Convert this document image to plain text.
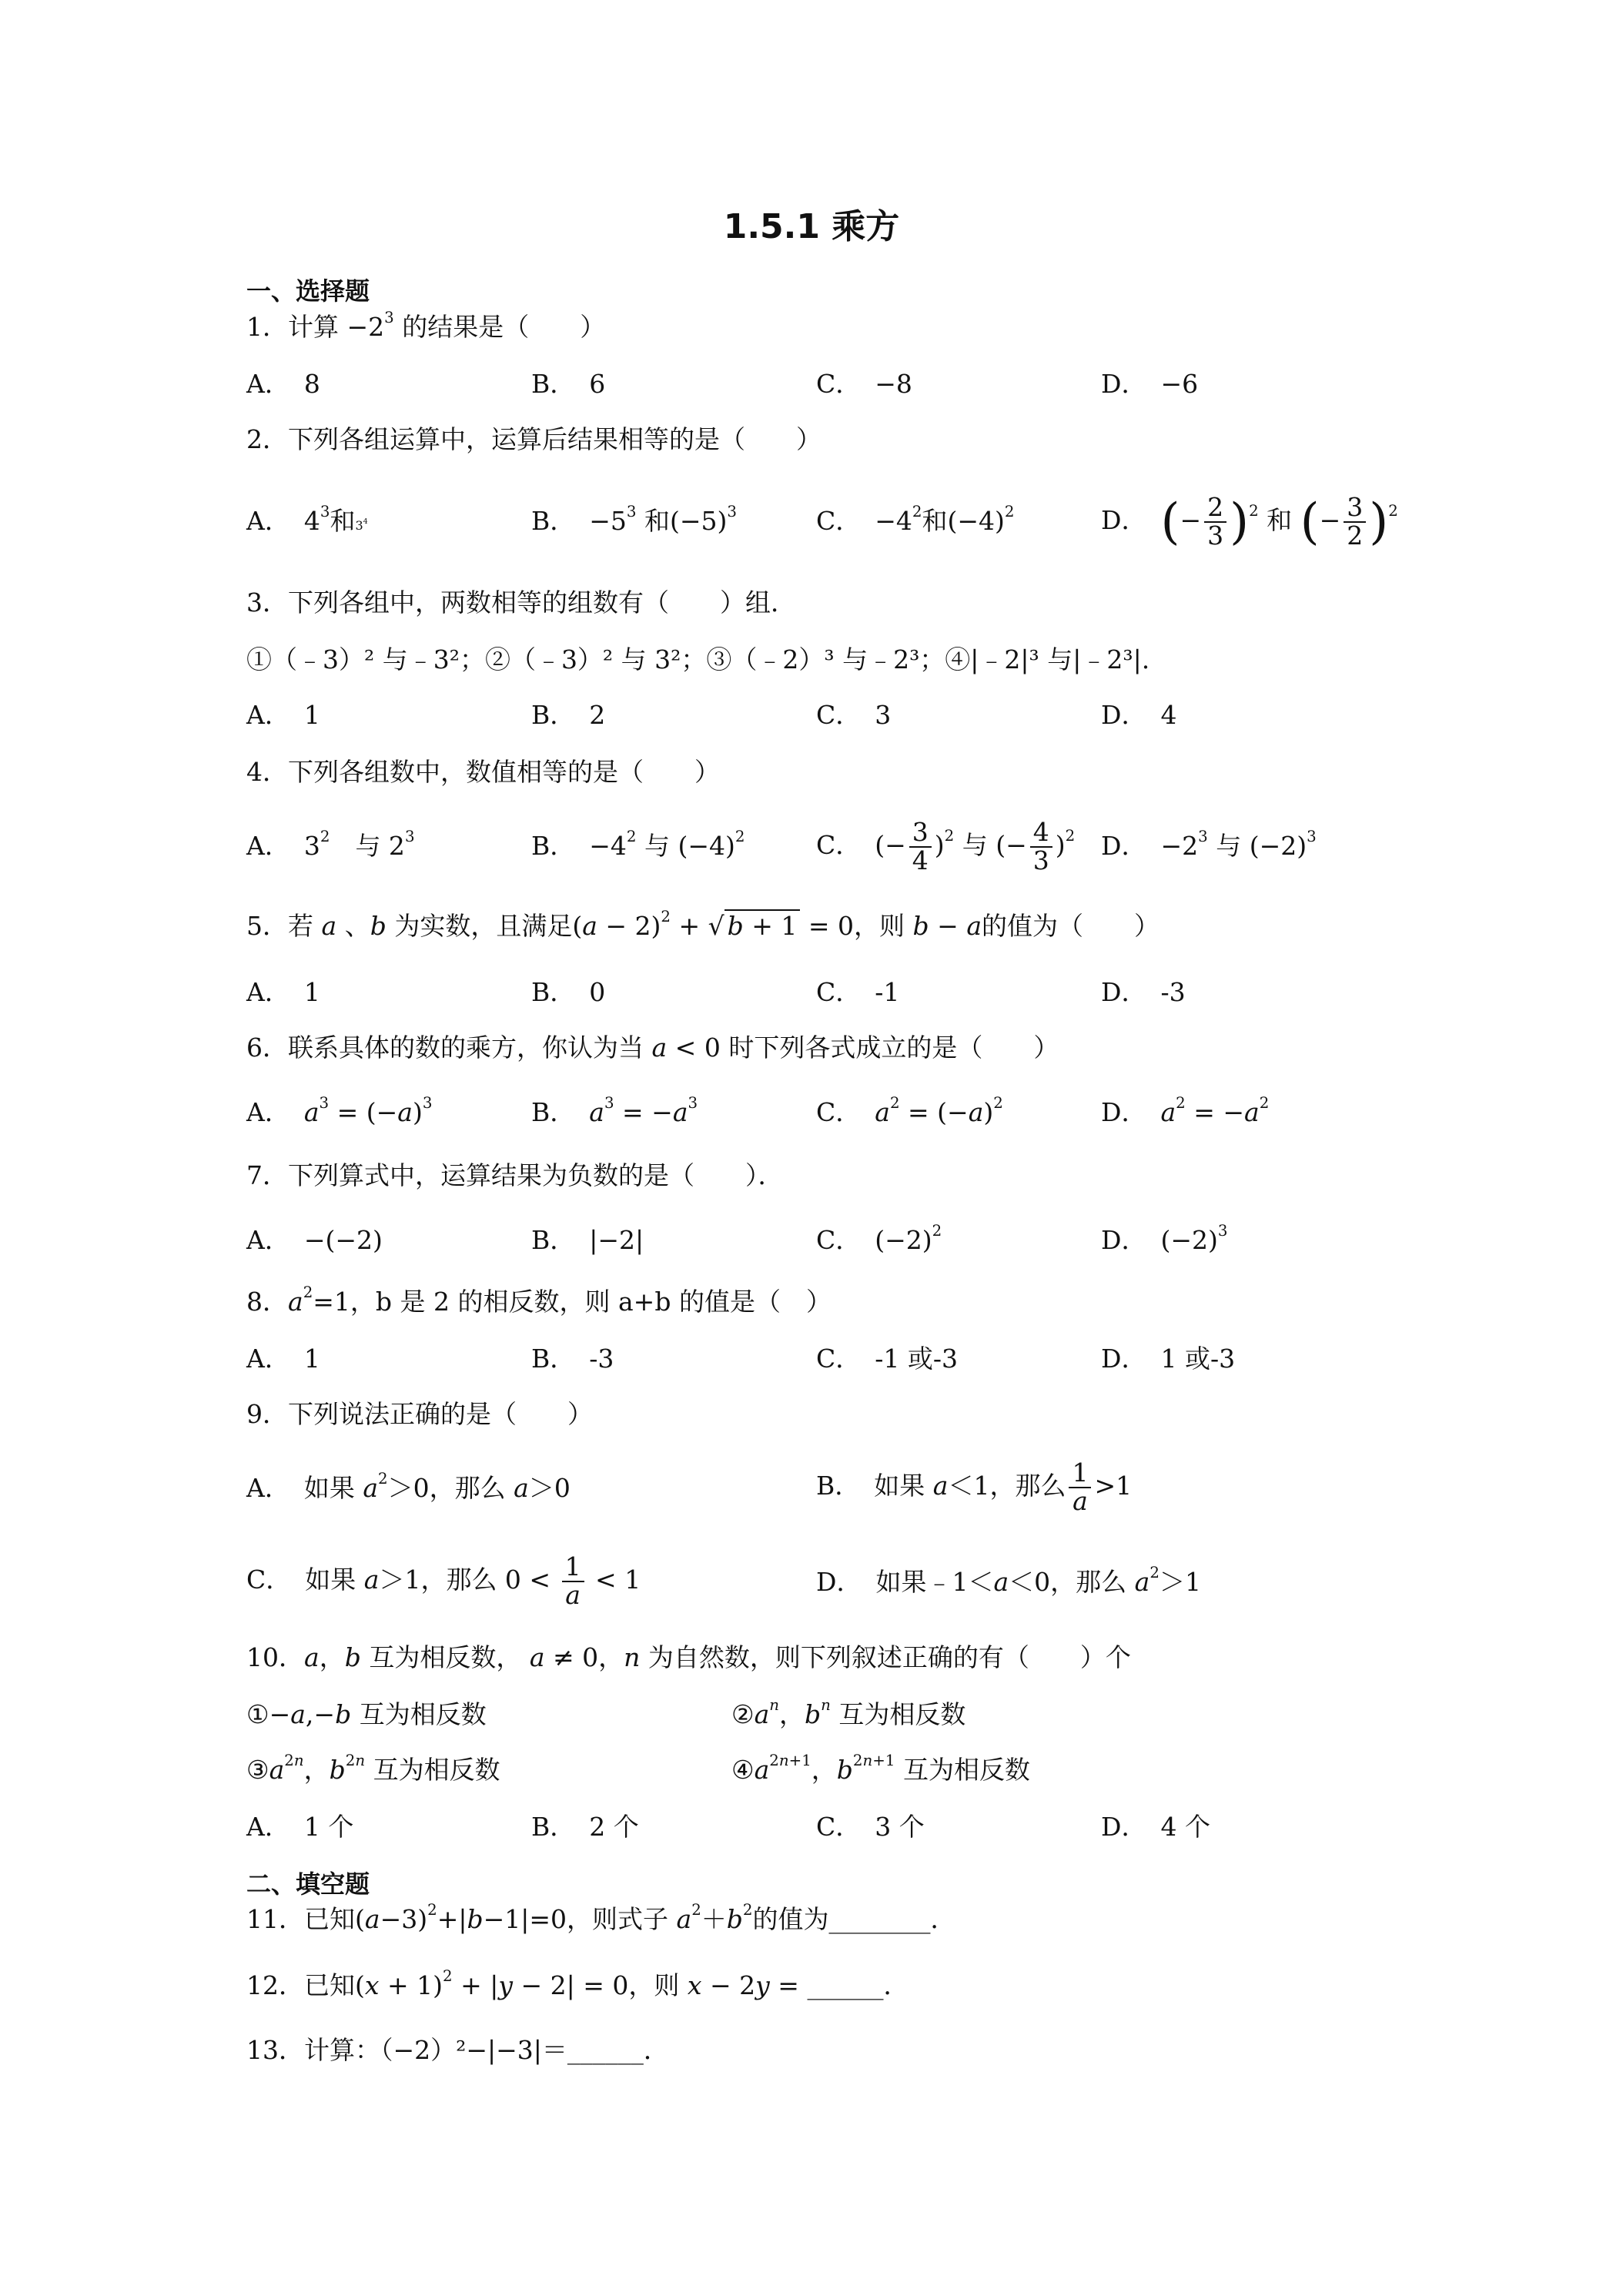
1.5.1 乘方
一、选择题
1．计算 $-2^3$ 的结果是（　　）
A． 8	B． 6	C． −8	D． −6
2．下列各组运算中，运算后结果相等的是（　　）
A． $4^3$和$3^4$	B． $-5^3$ 和$(-5)^3$	C． $-4^2$和$(-4)^2$	D． (− $\frac{2}{3} )^2$ 和 (− $\frac{3}{2} )^2$
3．下列各组中，两数相等的组数有（　　）组．
①（﹣3）² 与﹣3²；②（﹣3）² 与 3²；③（﹣2）³ 与﹣2³；④|﹣2|³ 与|﹣2³|.
A． 1	B． 2	C． 3	D． 4
4．下列各组数中，数值相等的是（　　）
A． $3^2$　 与 $2^3$	B． $-4^2$ 与 $(-4)^2$	C． (− $\frac{3}{4} )^2$ 与 (− $\frac{4}{3} )^2$ D． $-2^3$ 与 $(-2)^3$
5．若 a 、b 为实数，且满足$(a - 2)^2$ + √ b + 1 = 0，则 b − a的值为（　　）
A． 1	B． 0	C． -1	D． -3
6．联系具体的数的乘方，你认为当 a < 0 时下列各式成立的是（　　）
A． $a^3 = (-a)^3$	B． $a^3 = -a^3$	C． $a^2 = (-a)^2$	D． $a^2 = -a^2$
7．下列算式中，运算结果为负数的是（　　）．
A． −(−2)	B． |−2|	C． $(-2)^2$	D． $(-2)^3$
8．$a^2=1$，b 是 2 的相反数，则 a+b 的值是（　）
A． 1	B． -3	C． -1 或-3	D． 1 或-3
9．下列说法正确的是（　　）
A． 如果 $a^2>0$，那么 a＞0	B． 如果 a＜1，那么 $\frac{1}{a} >1$
C． 如果 a＞1，那么 $0 < \frac{1}{a} < 1$	D． 如果﹣1＜a＜0，那么 $a^2>1$
10．a，b 互为相反数， a ≠ 0，n 为自然数，则下列叙述正确的有（　　）个
①−a,−b 互为相反数	$②a^n$，$b^n$ 互为相反数
$③a^{2n}$，$b^{2n}$ 互为相反数	$④a^{2n+1}$，$b^{2n+1}$ 互为相反数
A． 1 个	B． 2 个	C． 3 个	D． 4 个
二、填空题
11．已知$(a-3)^2+|b-1|=0$，则式子 $a^2+b^2$的值为________．
12．已知$(x + 1)^2 + |y - 2| = 0$，则 x − 2y = ______．
13．计算：（−2）²−|−3|＝______．
